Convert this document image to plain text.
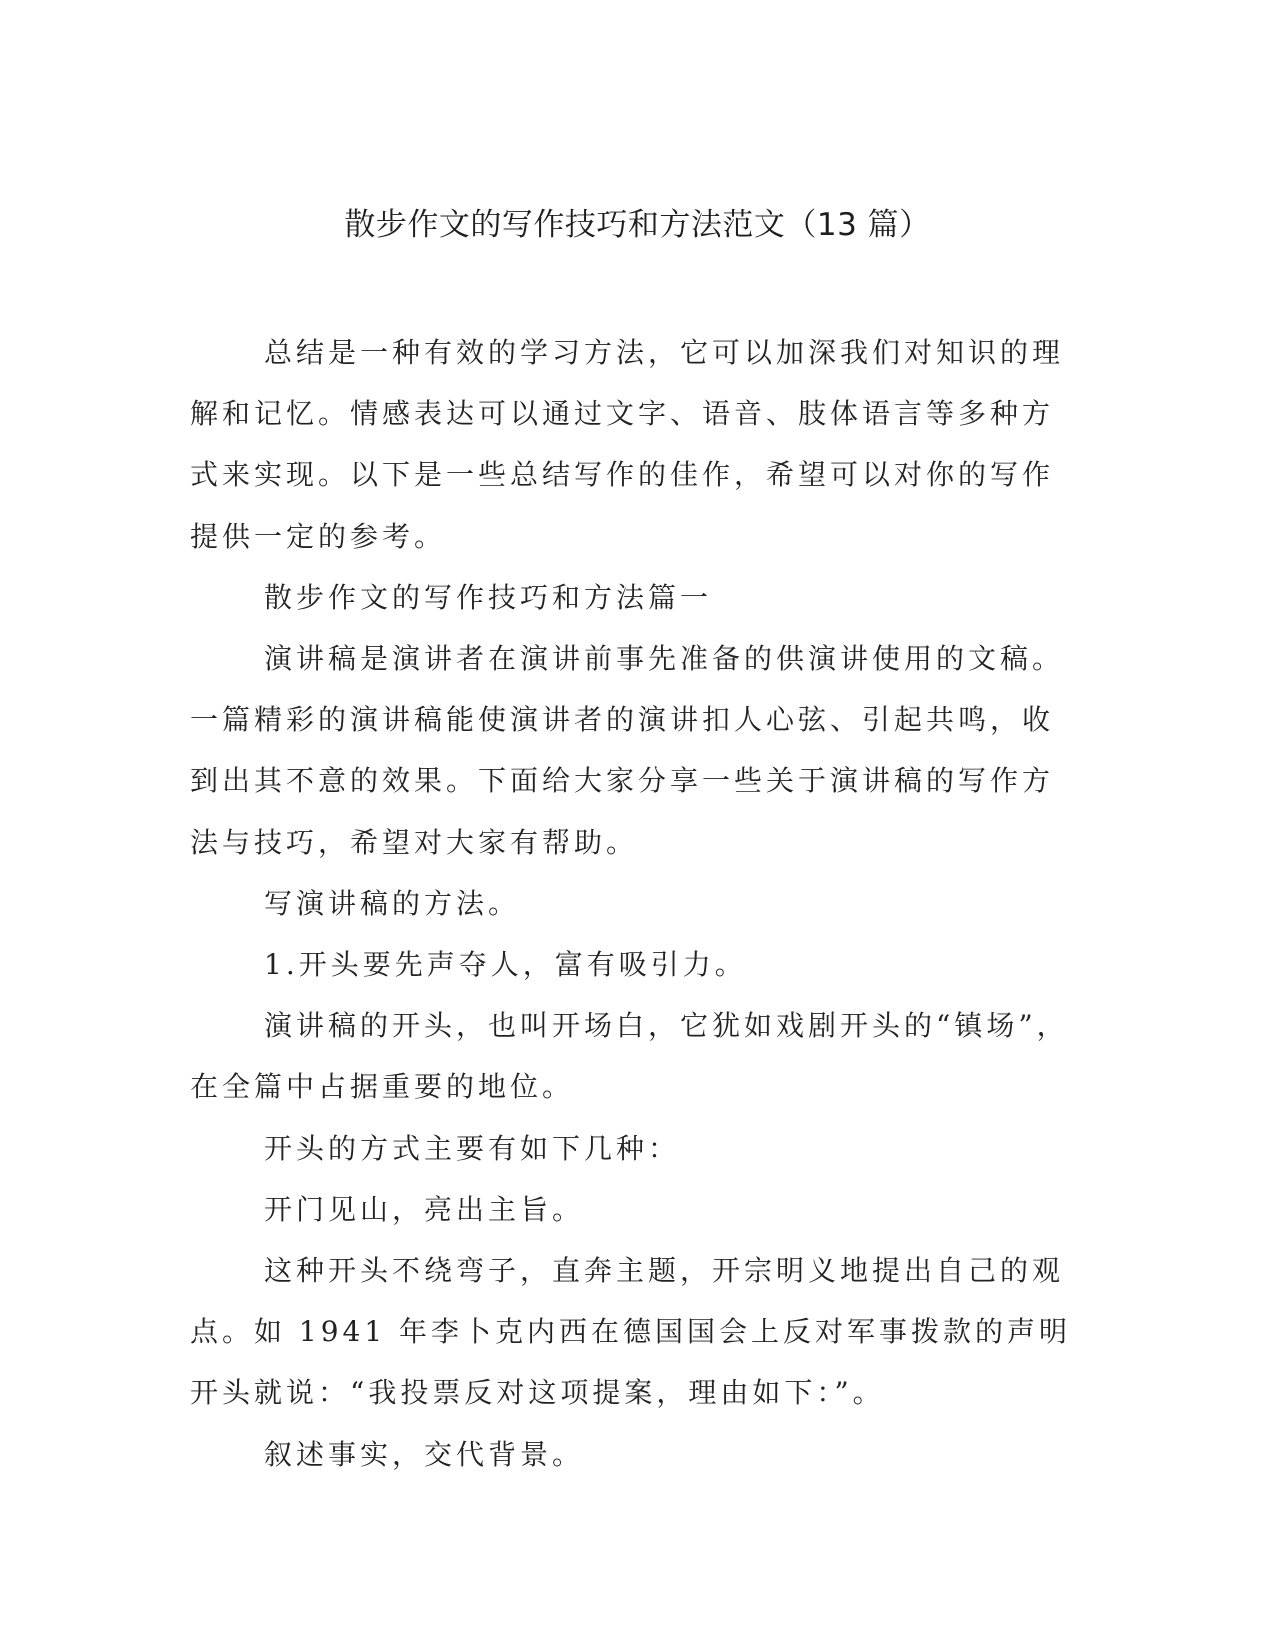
散步作文的写作技巧和方法范文（13 篇）

总结是一种有效的学习方法，它可以加深我们对知识的理解和记忆。情感表达可以通过文字、语音、肢体语言等多种方式来实现。以下是一些总结写作的佳作，希望可以对你的写作提供一定的参考。

散步作文的写作技巧和方法篇一

演讲稿是演讲者在演讲前事先准备的供演讲使用的文稿。一篇精彩的演讲稿能使演讲者的演讲扣人心弦、引起共鸣，收到出其不意的效果。下面给大家分享一些关于演讲稿的写作方法与技巧，希望对大家有帮助。

写演讲稿的方法。

1.开头要先声夺人，富有吸引力。

演讲稿的开头，也叫开场白，它犹如戏剧开头的“镇场”，在全篇中占据重要的地位。

开头的方式主要有如下几种：

开门见山，亮出主旨。

这种开头不绕弯子，直奔主题，开宗明义地提出自己的观点。如 1941 年李卜克内西在德国国会上反对军事拨款的声明开头就说：“我投票反对这项提案，理由如下：”。

叙述事实，交代背景。
